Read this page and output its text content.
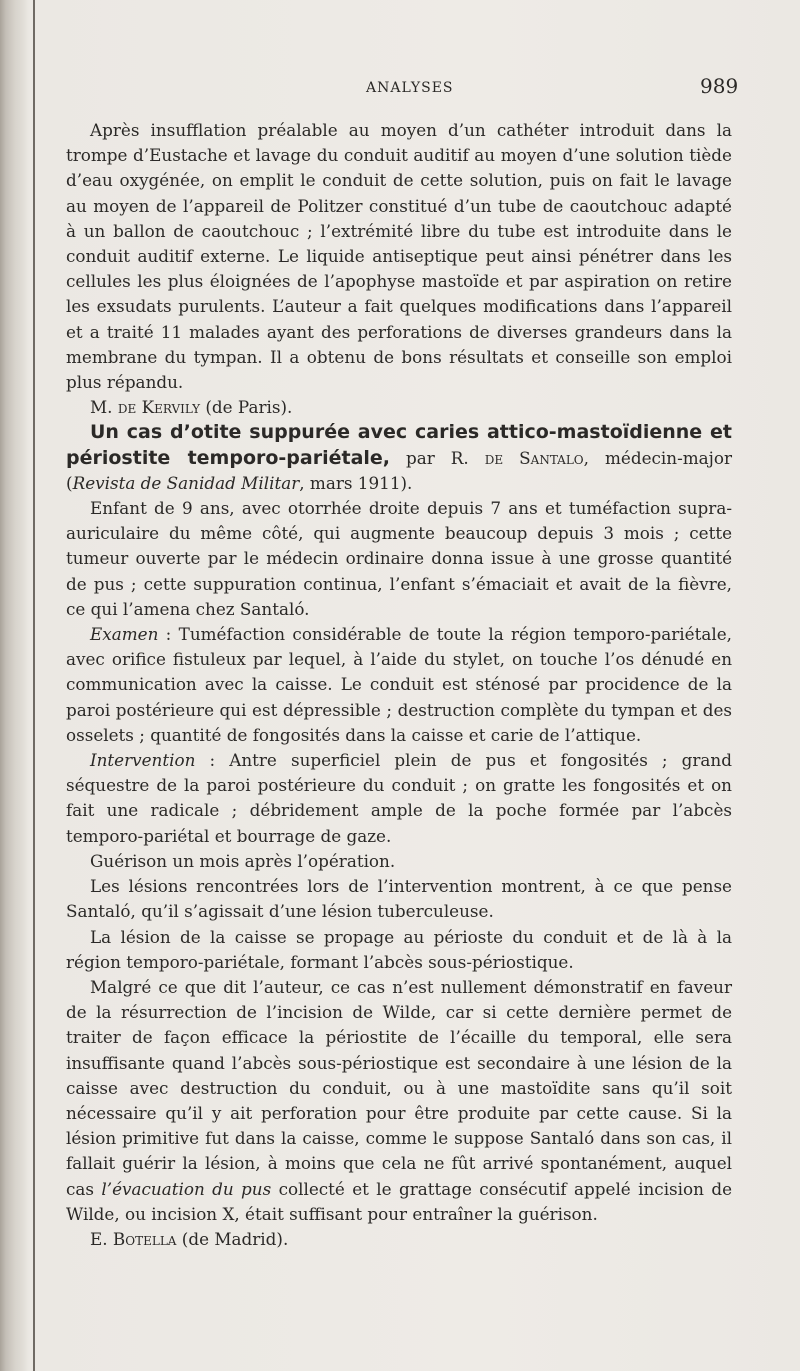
ANALYSES	989

Après insufflation préalable au moyen d’un cathéter introduit dans la trompe d’Eustache et lavage du conduit auditif au moyen d’une solution tiède d’eau oxygénée, on emplit le conduit de cette solution, puis on fait le lavage au moyen de l’appareil de Politzer constitué d’un tube de caoutchouc adapté à un ballon de caoutchouc ; l’extrémité libre du tube est introduite dans le conduit auditif externe. Le liquide antiseptique peut ainsi pénétrer dans les cellules les plus éloignées de l’apophyse mastoïde et par aspiration on retire les exsudats purulents. L’auteur a fait quelques modifications dans l’appareil et a traité 11 malades ayant des perforations de diverses grandeurs dans la membrane du tympan. Il a obtenu de bons résultats et conseille son emploi plus répandu.

M. de Kervily (de Paris).

Un cas d’otite suppurée avec caries attico-mastoïdienne et périostite temporo-pariétale, par R. de Santalo, médecin-major (Revista de Sanidad Militar, mars 1911).

Enfant de 9 ans, avec otorrhée droite depuis 7 ans et tuméfaction supra-auriculaire du même côté, qui augmente beaucoup depuis 3 mois ; cette tumeur ouverte par le médecin ordinaire donna issue à une grosse quantité de pus ; cette suppuration continua, l’enfant s’émaciait et avait de la fièvre, ce qui l’amena chez Santaló.

Examen : Tuméfaction considérable de toute la région temporo-pariétale, avec orifice fistuleux par lequel, à l’aide du stylet, on touche l’os dénudé en communication avec la caisse. Le conduit est sténosé par procidence de la paroi postérieure qui est dépressible ; destruction complète du tympan et des osselets ; quantité de fongosités dans la caisse et carie de l’attique.

Intervention : Antre superficiel plein de pus et fongosités ; grand séquestre de la paroi postérieure du conduit ; on gratte les fongosités et on fait une radicale ; débridement ample de la poche formée par l’abcès temporo-pariétal et bourrage de gaze.

Guérison un mois après l’opération.

Les lésions rencontrées lors de l’intervention montrent, à ce que pense Santaló, qu’il s’agissait d’une lésion tuberculeuse.

La lésion de la caisse se propage au périoste du conduit et de là à la région temporo-pariétale, formant l’abcès sous-périostique.

Malgré ce que dit l’auteur, ce cas n’est nullement démonstratif en faveur de la résurrection de l’incision de Wilde, car si cette dernière permet de traiter de façon efficace la périostite de l’écaille du temporal, elle sera insuffisante quand l’abcès sous-périostique est secondaire à une lésion de la caisse avec destruction du conduit, ou à une mastoïdite sans qu’il soit nécessaire qu’il y ait perforation pour être produite par cette cause. Si la lésion primitive fut dans la caisse, comme le suppose Santaló dans son cas, il fallait guérir la lésion, à moins que cela ne fût arrivé spontanément, auquel cas l’évacuation du pus collecté et le grattage consécutif appelé incision de Wilde, ou incision X, était suffisant pour entraîner la guérison.

E. Botella (de Madrid).
